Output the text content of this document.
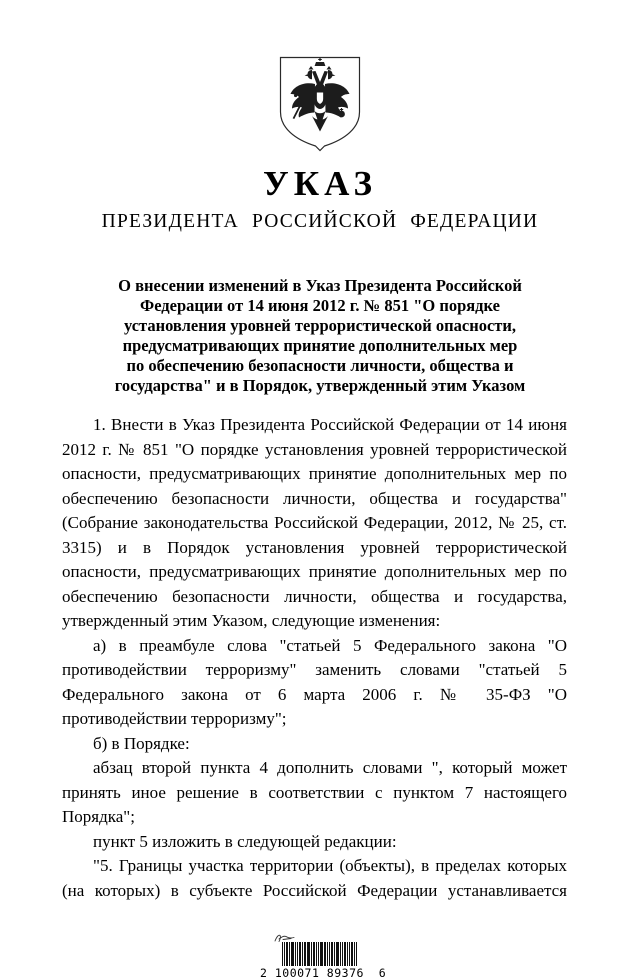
УКАЗ
ПРЕЗИДЕНТА РОССИЙСКОЙ ФЕДЕРАЦИИ
О внесении изменений в Указ Президента Российской
Федерации от 14 июня 2012 г. № 851 "О порядке
установления уровней террористической опасности,
предусматривающих принятие дополнительных мер
по обеспечению безопасности личности, общества и
государства" и в Порядок, утвержденный этим Указом

1. Внести в Указ Президента Российской Федерации от 14 июня 2012 г. № 851 "О порядке установления уровней террористической опасности, предусматривающих принятие дополнительных мер по обеспечению безопасности личности, общества и государства" (Собрание законодательства Российской Федерации, 2012, № 25, ст. 3315) и в Порядок установления уровней террористической опасности, предусматривающих принятие дополнительных мер по обеспечению безопасности личности, общества и государства, утвержденный этим Указом, следующие изменения:

а) в преамбуле слова "статьей 5 Федерального закона "О противодействии терроризму" заменить словами "статьей 5 Федерального закона от 6 марта 2006 г. № 35-ФЗ "О противодействии терроризму";

б) в Порядке:

абзац второй пункта 4 дополнить словами ", который может принять иное решение в соответствии с пунктом 7 настоящего Порядка";

пункт 5 изложить в следующей редакции:

"5. Границы участка территории (объекты), в пределах которых (на которых) в субъекте Российской Федерации устанавливается

2 100071 89376  6
